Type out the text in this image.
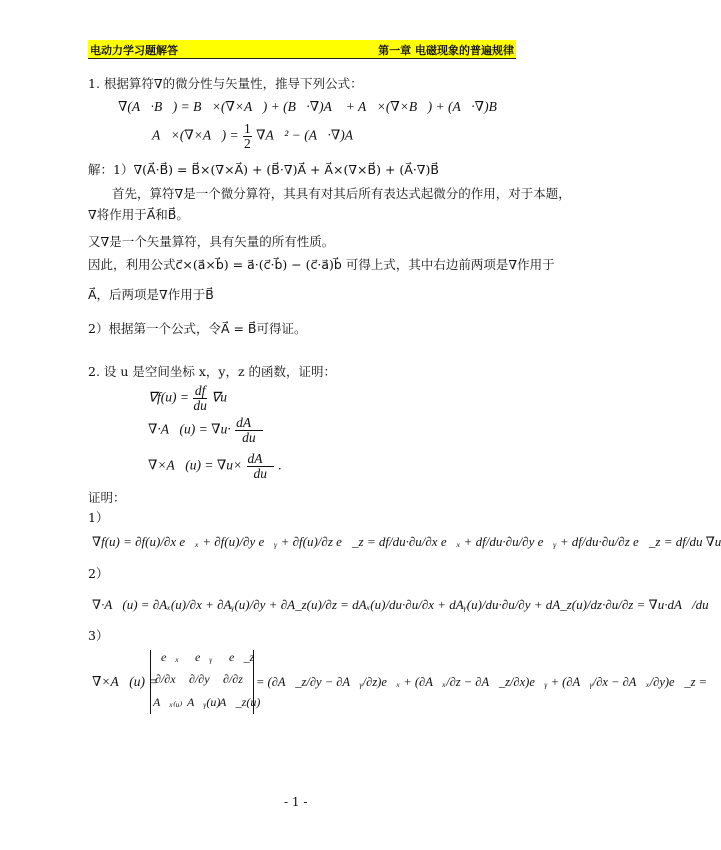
电动力学习题解答	第一章 电磁现象的普遍规律
1. 根据算符∇的微分性与矢量性，推导下列公式：
∇(A⃗·B⃗) = B⃗×(∇×A⃗) + (B⃗·∇)A⃗ + A⃗×(∇×B⃗) + (A⃗·∇)B⃗
A⃗×(∇×A⃗) = $\frac{1}{2}$ ∇A⃗² − (A⃗·∇)A⃗
解：1）∇(A⃗·B⃗) = B⃗×(∇×A⃗) + (B⃗·∇)A⃗ + A⃗×(∇×B⃗) + (A⃗·∇)B⃗
首先，算符∇是一个微分算符，其具有对其后所有表达式起微分的作用，对于本题，
∇将作用于A⃗和B⃗。
又∇是一个矢量算符，具有矢量的所有性质。
因此，利用公式c⃗×(a⃗×b⃗) = a⃗·(c⃗·b⃗) − (c⃗·a⃗)b⃗ 可得上式，其中右边前两项是∇作用于
A⃗，后两项是∇作用于B⃗
2）根据第一个公式，令A⃗ = B⃗可得证。
2. 设 u 是空间坐标 x，y，z 的函数，证明：
$\nabla f(u) = \frac{df}{du} \nabla u$
∇·A⃗(u) = $\nabla u\cdot \frac{dA⃗}{du}$
∇×A⃗(u) = $\nabla u\times \frac{dA⃗}{du}$ .
证明：
1）
∇f(u) = ∂f(u)/∂x e⃗ₓ + ∂f(u)/∂y e⃗ᵧ + ∂f(u)/∂z e⃗_z = df/du·∂u/∂x e⃗ₓ + df/du·∂u/∂y e⃗ᵧ + df/du·∂u/∂z e⃗_z = df/du ∇u
2）
∇·A⃗(u) = ∂Aₓ(u)/∂x + ∂Aᵧ(u)/∂y + ∂A_z(u)/∂z = dAₓ(u)/du·∂u/∂x + dAᵧ(u)/du·∂u/∂y + dA_z(u)/dz·∂u/∂z = ∇u·dA⃗/du
3）
∇×A⃗(u) =
e⃗ₓ e⃗ᵧ e⃗_z
∂/∂x ∂/∂y ∂/∂z
A⃗ₓ₍ᵤ₎ A⃗ᵧ(u)
A⃗_z(u)
= (∂A⃗_z/∂y − ∂A⃗ᵧ/∂z)e⃗ₓ + (∂A⃗ₓ/∂z − ∂A⃗_z/∂x)e⃗ᵧ + (∂A⃗ᵧ/∂x − ∂A⃗ₓ/∂y)e⃗_z =
- 1 -
